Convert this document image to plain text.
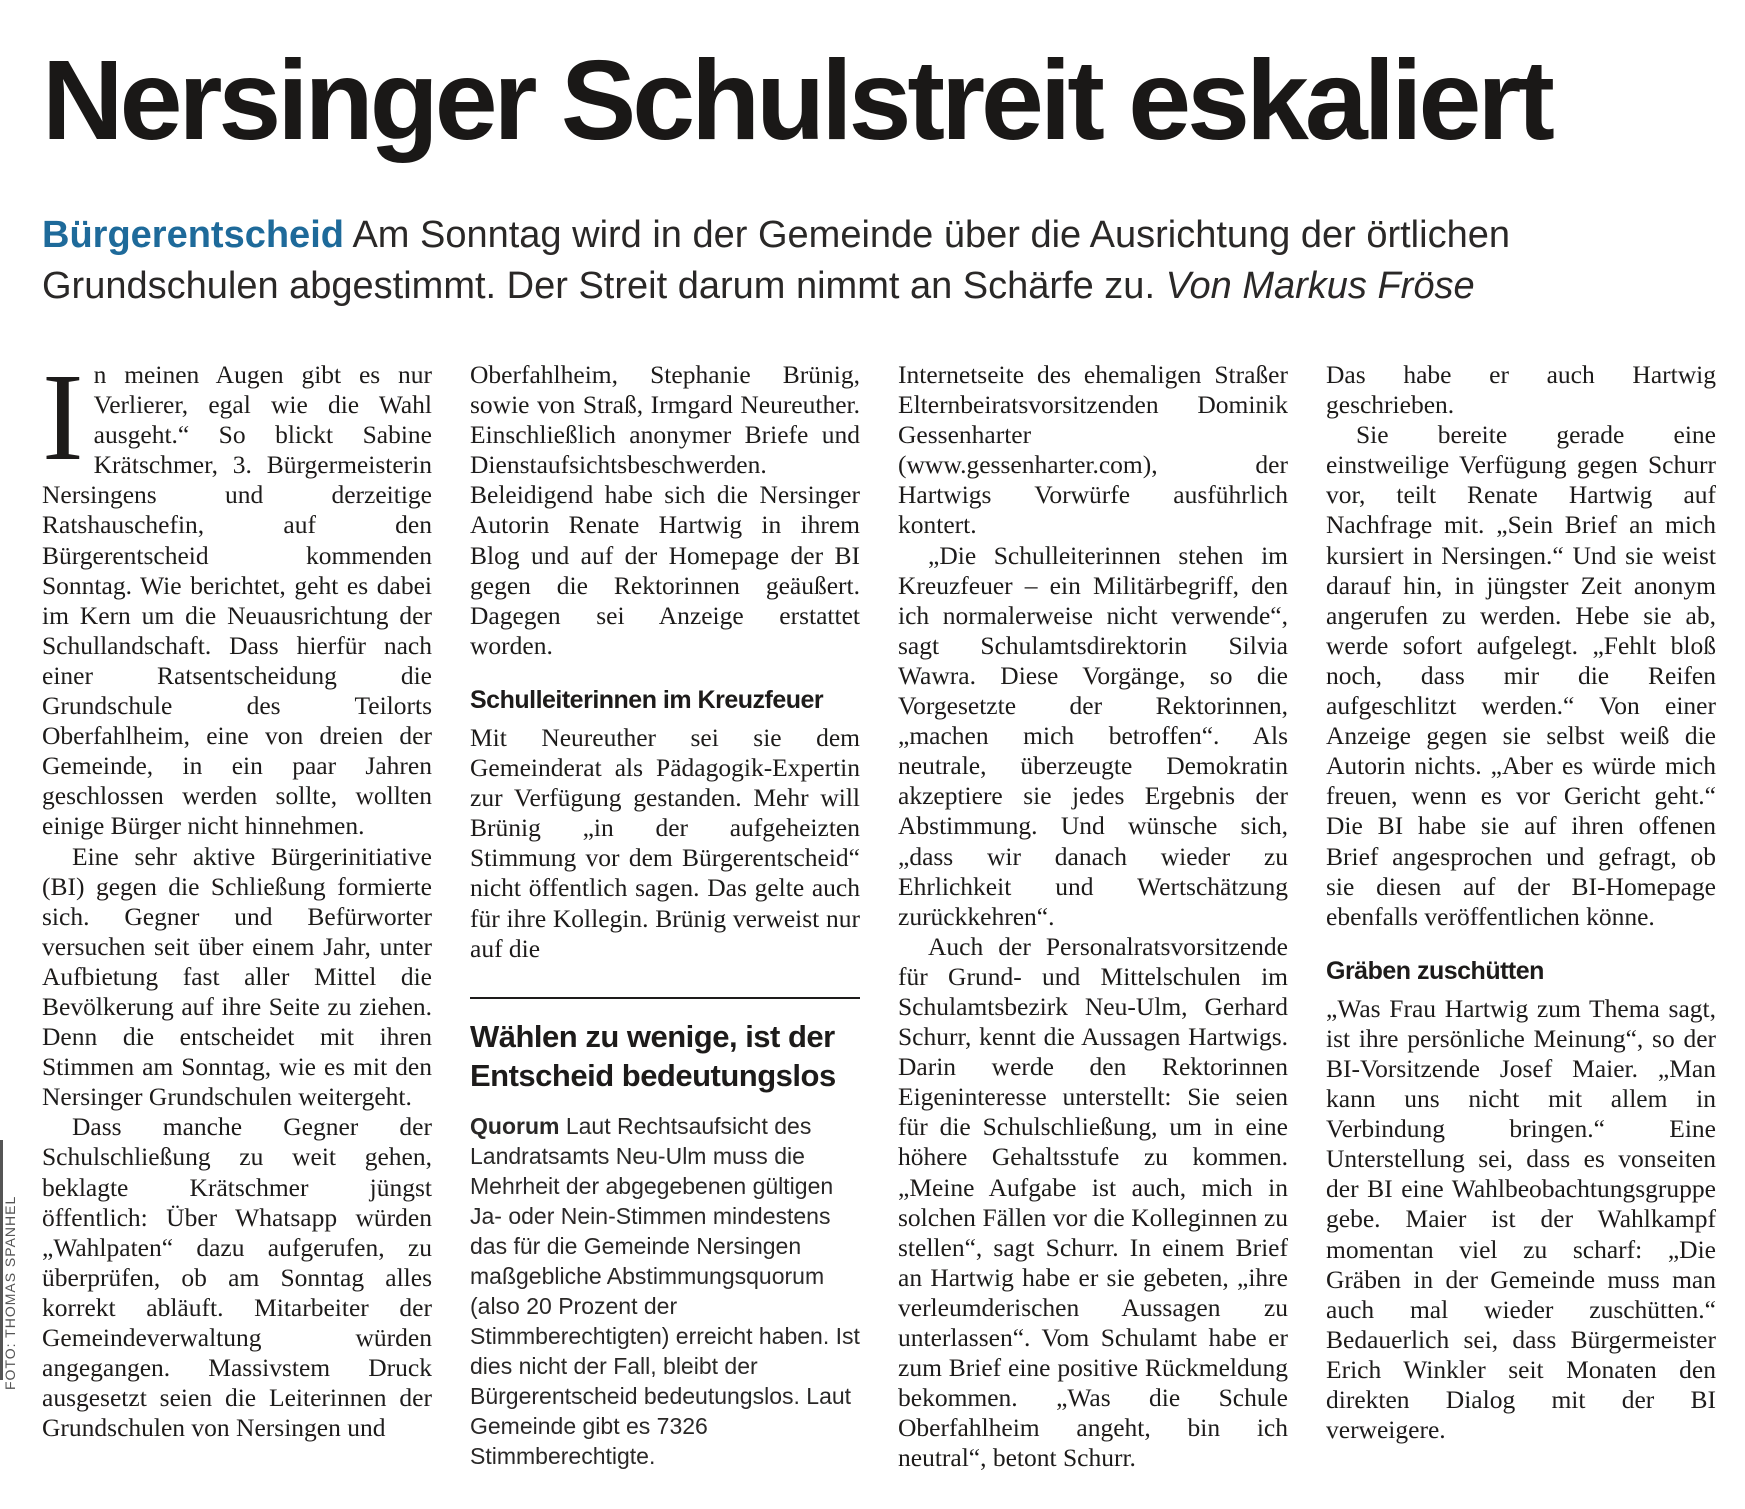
Nersinger Schulstreit eskaliert
Bürgerentscheid Am Sonntag wird in der Gemeinde über die Ausrichtung der örtlichen Grundschulen abgestimmt. Der Streit darum nimmt an Schärfe zu. Von Markus Fröse
FOTO: THOMAS SPANHEL

In meinen Augen gibt es nur Verlierer, egal wie die Wahl ausgeht.“ So blickt Sabine Krätschmer, 3. Bürgermeisterin Nersingens und derzeitige Ratshauschefin, auf den Bürgerentscheid kommenden Sonntag. Wie berichtet, geht es dabei im Kern um die Neuausrichtung der Schullandschaft. Dass hierfür nach einer Ratsentscheidung die Grundschule des Teilorts Oberfahlheim, eine von dreien der Gemeinde, in ein paar Jahren geschlossen werden sollte, wollten einige Bürger nicht hinnehmen.

Eine sehr aktive Bürgerinitiative (BI) gegen die Schließung formierte sich. Gegner und Befürworter versuchen seit über einem Jahr, unter Aufbietung fast aller Mittel die Bevölkerung auf ihre Seite zu ziehen. Denn die entscheidet mit ihren Stimmen am Sonntag, wie es mit den Nersinger Grundschulen weitergeht.

Dass manche Gegner der Schulschließung zu weit gehen, beklagte Krätschmer jüngst öffentlich: Über Whatsapp würden „Wahlpaten“ dazu aufgerufen, zu überprüfen, ob am Sonntag alles korrekt abläuft. Mitarbeiter der Gemeindeverwaltung würden angegangen. Massivstem Druck ausgesetzt seien die Leiterinnen der Grundschulen von Nersingen und

Oberfahlheim, Stephanie Brünig, sowie von Straß, Irmgard Neureuther. Einschließlich anonymer Briefe und Dienstaufsichtsbeschwerden. Beleidigend habe sich die Nersinger Autorin Renate Hartwig in ihrem Blog und auf der Homepage der BI gegen die Rektorinnen geäußert. Dagegen sei Anzeige erstattet worden.

Schulleiterinnen im Kreuzfeuer

Mit Neureuther sei sie dem Gemeinderat als Pädagogik-Expertin zur Verfügung gestanden. Mehr will Brünig „in der aufgeheizten Stimmung vor dem Bürgerentscheid“ nicht öffentlich sagen. Das gelte auch für ihre Kollegin. Brünig verweist nur auf die

Wählen zu wenige, ist der Entscheid bedeutungslos
Quorum Laut Rechtsaufsicht des Landratsamts Neu-Ulm muss die Mehrheit der abgegebenen gültigen Ja- oder Nein-Stimmen mindestens das für die Gemeinde Nersingen maßgebliche Abstimmungsquorum (also 20 Prozent der Stimmberechtigten) erreicht haben. Ist dies nicht der Fall, bleibt der Bürgerentscheid bedeutungslos. Laut Gemeinde gibt es 7326 Stimmberechtigte.

Internetseite des ehemaligen Straßer Elternbeiratsvorsitzenden Dominik Gessenharter (www.gessenharter.com), der Hartwigs Vorwürfe ausführlich kontert.

„Die Schulleiterinnen stehen im Kreuzfeuer – ein Militärbegriff, den ich normalerweise nicht verwende“, sagt Schulamtsdirektorin Silvia Wawra. Diese Vorgänge, so die Vorgesetzte der Rektorinnen, „machen mich betroffen“. Als neutrale, überzeugte Demokratin akzeptiere sie jedes Ergebnis der Abstimmung. Und wünsche sich, „dass wir danach wieder zu Ehrlichkeit und Wertschätzung zurückkehren“.

Auch der Personalratsvorsitzende für Grund- und Mittelschulen im Schulamtsbezirk Neu-Ulm, Gerhard Schurr, kennt die Aussagen Hartwigs. Darin werde den Rektorinnen Eigeninteresse unterstellt: Sie seien für die Schulschließung, um in eine höhere Gehaltsstufe zu kommen. „Meine Aufgabe ist auch, mich in solchen Fällen vor die Kolleginnen zu stellen“, sagt Schurr. In einem Brief an Hartwig habe er sie gebeten, „ihre verleumderischen Aussagen zu unterlassen“. Vom Schulamt habe er zum Brief eine positive Rückmeldung bekommen. „Was die Schule Oberfahlheim angeht, bin ich neutral“, betont Schurr.

Das habe er auch Hartwig geschrieben.

Sie bereite gerade eine einstweilige Verfügung gegen Schurr vor, teilt Renate Hartwig auf Nachfrage mit. „Sein Brief an mich kursiert in Nersingen.“ Und sie weist darauf hin, in jüngster Zeit anonym angerufen zu werden. Hebe sie ab, werde sofort aufgelegt. „Fehlt bloß noch, dass mir die Reifen aufgeschlitzt werden.“ Von einer Anzeige gegen sie selbst weiß die Autorin nichts. „Aber es würde mich freuen, wenn es vor Gericht geht.“ Die BI habe sie auf ihren offenen Brief angesprochen und gefragt, ob sie diesen auf der BI-Homepage ebenfalls veröffentlichen könne.

Gräben zuschütten

„Was Frau Hartwig zum Thema sagt, ist ihre persönliche Meinung“, so der BI-Vorsitzende Josef Maier. „Man kann uns nicht mit allem in Verbindung bringen.“ Eine Unterstellung sei, dass es vonseiten der BI eine Wahlbeobachtungsgruppe gebe. Maier ist der Wahlkampf momentan viel zu scharf: „Die Gräben in der Gemeinde muss man auch mal wieder zuschütten.“ Bedauerlich sei, dass Bürgermeister Erich Winkler seit Monaten den direkten Dialog mit der BI verweigere.
